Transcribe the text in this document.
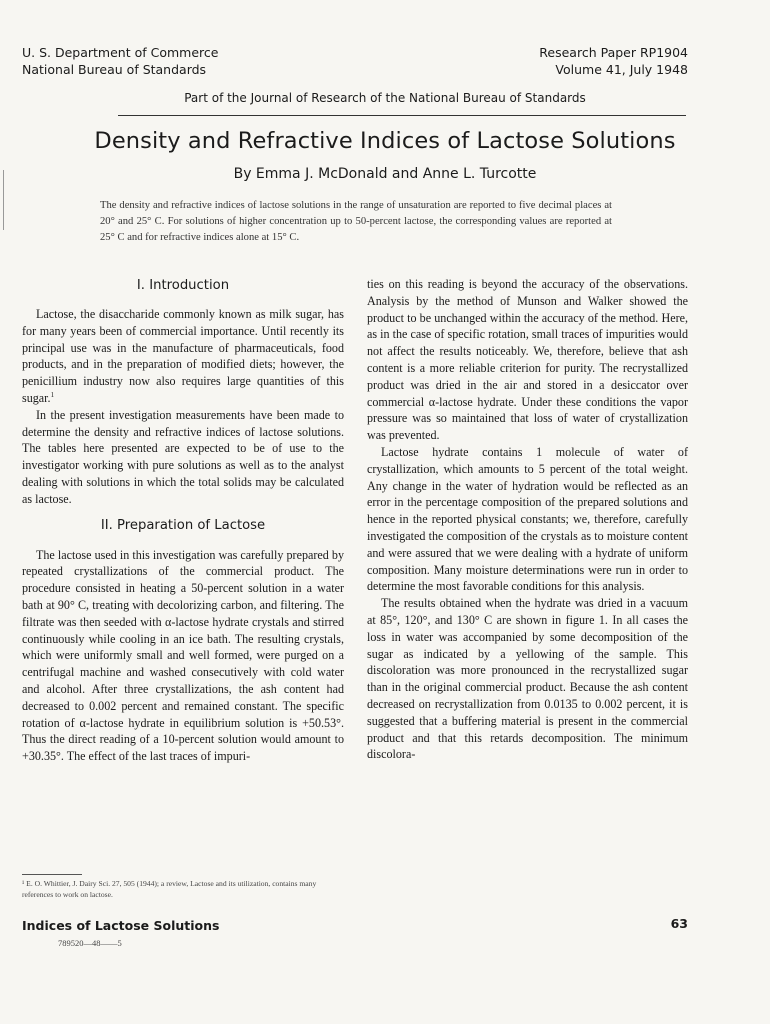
U. S. Department of Commerce
National Bureau of Standards
Research Paper RP1904
Volume 41, July 1948
Part of the Journal of Research of the National Bureau of Standards
Density and Refractive Indices of Lactose Solutions
By Emma J. McDonald and Anne L. Turcotte
The density and refractive indices of lactose solutions in the range of unsaturation are reported to five decimal places at 20° and 25° C. For solutions of higher concentration up to 50-percent lactose, the corresponding values are reported at 25° C and for refractive indices alone at 15° C.
I. Introduction

Lactose, the disaccharide commonly known as milk sugar, has for many years been of commercial importance. Until recently its principal use was in the manufacture of pharmaceuticals, food products, and in the preparation of modified diets; however, the penicillium industry now also requires large quantities of this sugar.$^1$

In the present investigation measurements have been made to determine the density and refractive indices of lactose solutions. The tables here presented are expected to be of use to the investigator working with pure solutions as well as to the analyst dealing with solutions in which the total solids may be calculated as lactose.

II. Preparation of Lactose

The lactose used in this investigation was carefully prepared by repeated crystallizations of the commercial product. The procedure consisted in heating a 50-percent solution in a water bath at 90° C, treating with decolorizing carbon, and filtering. The filtrate was then seeded with α-lactose hydrate crystals and stirred continuously while cooling in an ice bath. The resulting crystals, which were uniformly small and well formed, were purged on a centrifugal machine and washed consecutively with cold water and alcohol. After three crystallizations, the ash content had decreased to 0.002 percent and remained constant. The specific rotation of α-lactose hydrate in equilibrium solution is +50.53°. Thus the direct reading of a 10-percent solution would amount to +30.35°. The effect of the last traces of impuri-

ties on this reading is beyond the accuracy of the observations. Analysis by the method of Munson and Walker showed the product to be unchanged within the accuracy of the method. Here, as in the case of specific rotation, small traces of impurities would not affect the results noticeably. We, therefore, believe that ash content is a more reliable criterion for purity. The recrystallized product was dried in the air and stored in a desiccator over commercial α-lactose hydrate. Under these conditions the vapor pressure was so maintained that loss of water of crystallization was prevented.

Lactose hydrate contains 1 molecule of water of crystallization, which amounts to 5 percent of the total weight. Any change in the water of hydration would be reflected as an error in the percentage composition of the prepared solutions and hence in the reported physical constants; we, therefore, carefully investigated the composition of the crystals as to moisture content and were assured that we were dealing with a hydrate of uniform composition. Many moisture determinations were run in order to determine the most favorable conditions for this analysis.

The results obtained when the hydrate was dried in a vacuum at 85°, 120°, and 130° C are shown in figure 1. In all cases the loss in water was accompanied by some decomposition of the sugar as indicated by a yellowing of the sample. This discoloration was more pronounced in the recrystallized sugar than in the original commercial product. Because the ash content decreased on recrystallization from 0.0135 to 0.002 percent, it is suggested that a buffering material is present in the commercial product and that this retards decomposition. The minimum discolora-

¹ E. O. Whittier, J. Dairy Sci. 27, 505 (1944); a review, Lactose and its utilization, contains many references to work on lactose.
Indices of Lactose Solutions
789520—48——5
63
